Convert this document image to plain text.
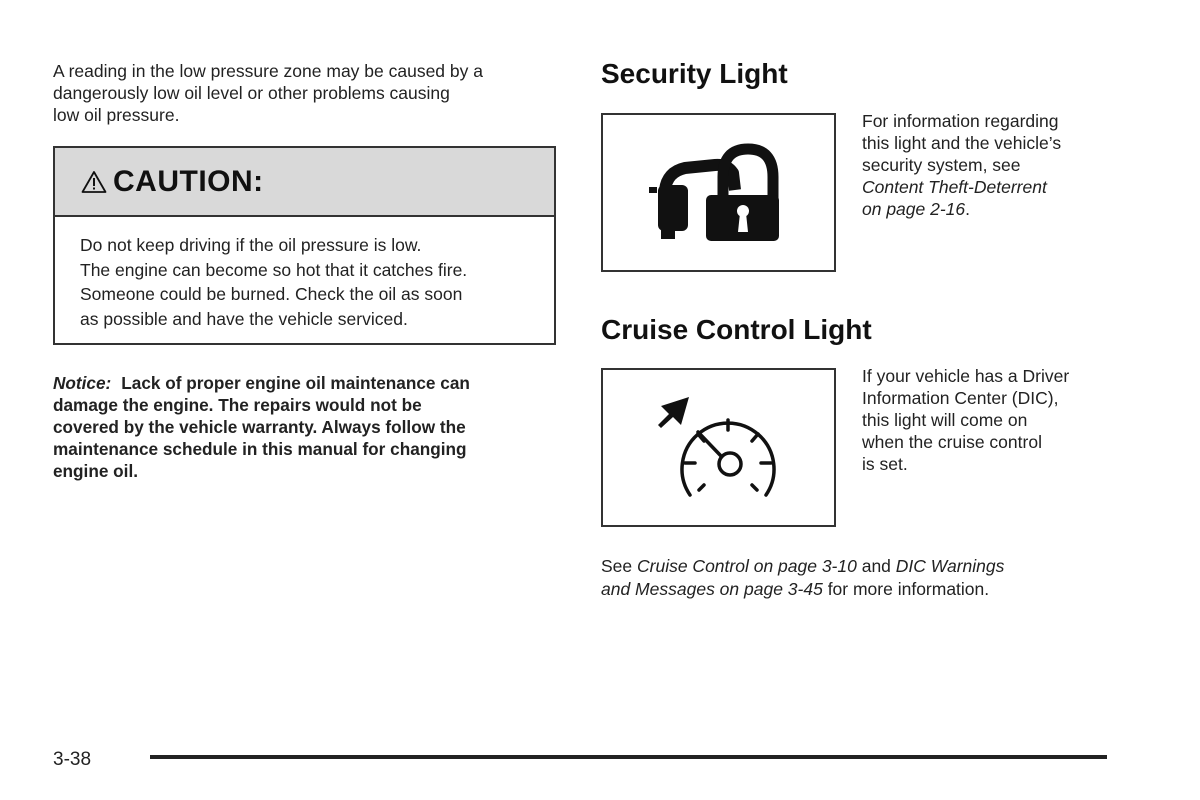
A reading in the low pressure zone may be caused by a
dangerously low oil level or other problems causing
low oil pressure.
CAUTION:
Do not keep driving if the oil pressure is low.
The engine can become so hot that it catches fire.
Someone could be burned. Check the oil as soon
as possible and have the vehicle serviced.
Notice: Lack of proper engine oil maintenance can
damage the engine. The repairs would not be
covered by the vehicle warranty. Always follow the
maintenance schedule in this manual for changing
engine oil.
Security Light
For information regarding
this light and the vehicle’s
security system, see
Content Theft-Deterrent
on page 2-16.
Cruise Control Light
If your vehicle has a Driver
Information Center (DIC),
this light will come on
when the cruise control
is set.
See Cruise Control on page 3-10 and DIC Warnings
and Messages on page 3-45 for more information.
3-38
